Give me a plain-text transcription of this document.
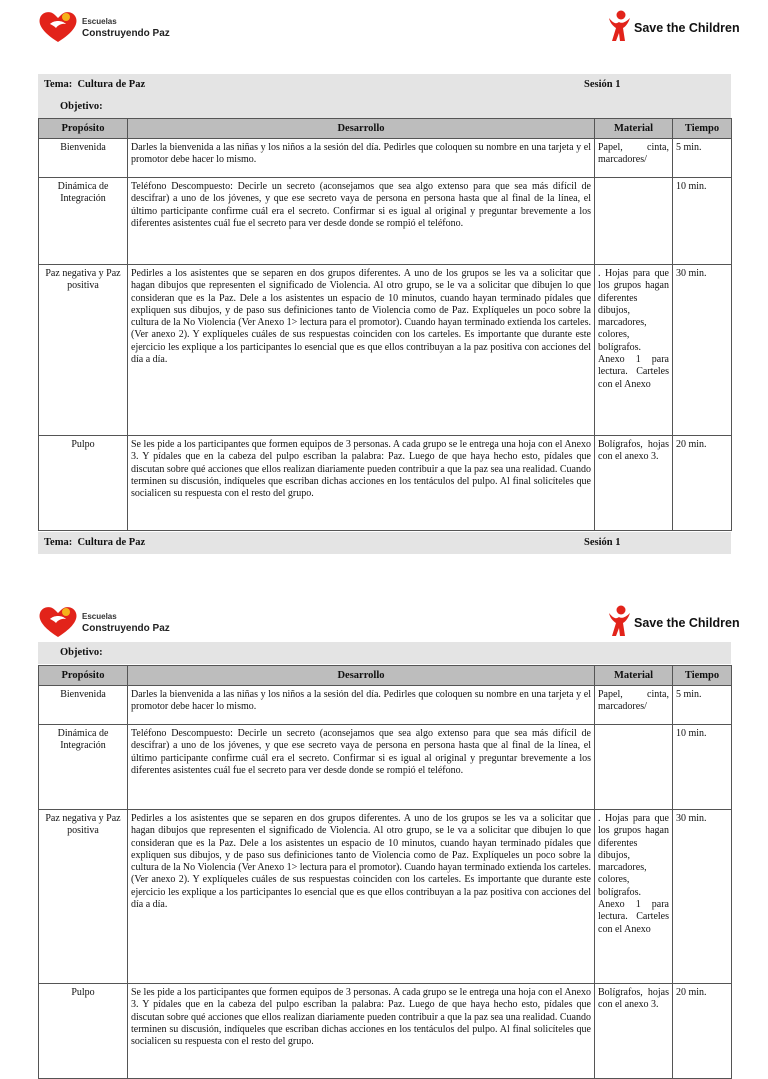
Escuelas
Construyendo Paz	Save the Children
Tema: Cultura de Paz	Sesión 1
Objetivo:
Propósito	Desarrollo	Material	Tiempo
Bienvenida	Darles la bienvenida a las niñas y los niños a la sesión del día. Pedirles que coloquen su nombre en una tarjeta y el promotor debe hacer lo mismo.	Papel, cinta, marcadores/	5 min.
Dinámica de Integración	Teléfono Descompuesto: Decirle un secreto (aconsejamos que sea algo extenso para que sea más difícil de descifrar) a uno de los jóvenes, y que ese secreto vaya de persona en persona hasta que al final de la línea, el último participante confirme cuál era el secreto. Confirmar si es igual al original y preguntar brevemente a los diferentes asistentes cuál fue el secreto para ver desde donde se rompió el teléfono.		10 min.
Paz negativa y Paz positiva	Pedirles a los asistentes que se separen en dos grupos diferentes. A uno de los grupos se les va a solicitar que hagan dibujos que representen el significado de Violencia. Al otro grupo, se le va a solicitar que dibujen lo que consideran que es la Paz. Dele a los asistentes un espacio de 10 minutos, cuando hayan terminado pídales que expliquen sus dibujos, y de paso sus definiciones tanto de Violencia como de Paz. Explíqueles un poco sobre la cultura de la No Violencia (Ver Anexo 1> lectura para el promotor). Cuando hayan terminado extienda los carteles. (Ver anexo 2). Y explíqueles cuáles de sus respuestas coinciden con los carteles. Es importante que durante este ejercicio les explique a los participantes lo esencial que es que ellos contribuyan a la paz positiva con acciones del día a día.	. Hojas para que los grupos hagan diferentes dibujos, marcadores, colores, bolígrafos. Anexo 1 para lectura. Carteles con el Anexo	30 min.
Pulpo	Se les pide a los participantes que formen equipos de 3 personas. A cada grupo se le entrega una hoja con el Anexo 3. Y pídales que en la cabeza del pulpo escriban la palabra: Paz. Luego de que haya hecho esto, pídales que discutan sobre qué acciones que ellos realizan diariamente pueden contribuir a que la paz sea una realidad. Cuando terminen su discusión, indíqueles que escriban dichas acciones en los tentáculos del pulpo. Al final solicíteles que socialicen su respuesta con el resto del grupo.	Bolígrafos, hojas con el anexo 3.	20 min.
Tema: Cultura de Paz	Sesión 1
Escuelas
Construyendo Paz	Save the Children
Objetivo:
Propósito	Desarrollo	Material	Tiempo
Bienvenida	Darles la bienvenida a las niñas y los niños a la sesión del día. Pedirles que coloquen su nombre en una tarjeta y el promotor debe hacer lo mismo.	Papel, cinta, marcadores/	5 min.
Dinámica de Integración	Teléfono Descompuesto: Decirle un secreto (aconsejamos que sea algo extenso para que sea más difícil de descifrar) a uno de los jóvenes, y que ese secreto vaya de persona en persona hasta que al final de la línea, el último participante confirme cuál era el secreto. Confirmar si es igual al original y preguntar brevemente a los diferentes asistentes cuál fue el secreto para ver desde donde se rompió el teléfono.		10 min.
Paz negativa y Paz positiva	Pedirles a los asistentes que se separen en dos grupos diferentes. A uno de los grupos se les va a solicitar que hagan dibujos que representen el significado de Violencia. Al otro grupo, se le va a solicitar que dibujen lo que consideran que es la Paz. Dele a los asistentes un espacio de 10 minutos, cuando hayan terminado pídales que expliquen sus dibujos, y de paso sus definiciones tanto de Violencia como de Paz. Explíqueles un poco sobre la cultura de la No Violencia (Ver Anexo 1> lectura para el promotor). Cuando hayan terminado extienda los carteles. (Ver anexo 2). Y explíqueles cuáles de sus respuestas coinciden con los carteles. Es importante que durante este ejercicio les explique a los participantes lo esencial que es que ellos contribuyan a la paz positiva con acciones del día a día.	. Hojas para que los grupos hagan diferentes dibujos, marcadores, colores, bolígrafos. Anexo 1 para lectura. Carteles con el Anexo	30 min.
Pulpo	Se les pide a los participantes que formen equipos de 3 personas. A cada grupo se le entrega una hoja con el Anexo 3. Y pídales que en la cabeza del pulpo escriban la palabra: Paz. Luego de que haya hecho esto, pídales que discutan sobre qué acciones que ellos realizan diariamente pueden contribuir a que la paz sea una realidad. Cuando terminen su discusión, indíqueles que escriban dichas acciones en los tentáculos del pulpo. Al final solicíteles que socialicen su respuesta con el resto del grupo.	Bolígrafos, hojas con el anexo 3.	20 min.
